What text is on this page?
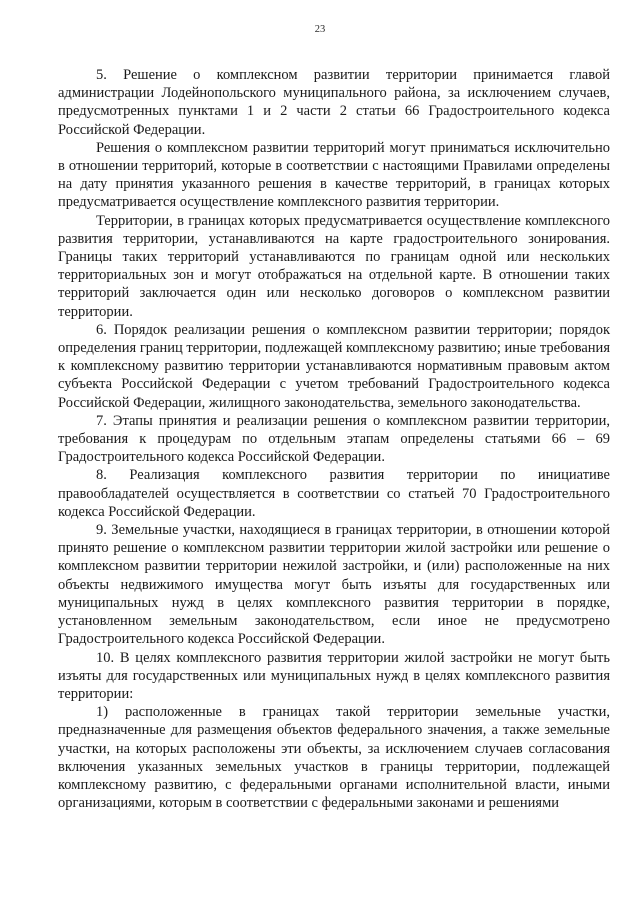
23

5. Решение о комплексном развитии территории принимается главой администрации Лодейнопольского муниципального района, за исключением случаев, предусмотренных пунктами 1 и 2 части 2 статьи 66 Градостроительного кодекса Российской Федерации.

Решения о комплексном развитии территорий могут приниматься исключительно в отношении территорий, которые в соответствии с настоящими Правилами определены на дату принятия указанного решения в качестве территорий, в границах которых предусматривается осуществление комплексного развития территории.

Территории, в границах которых предусматривается осуществление комплексного развития территории, устанавливаются на карте градостроительного зонирования. Границы таких территорий устанавливаются по границам одной или нескольких территориальных зон и могут отображаться на отдельной карте. В отношении таких территорий заключается один или несколько договоров о комплексном развитии территории.

6. Порядок реализации решения о комплексном развитии территории; порядок определения границ территории, подлежащей комплексному развитию; иные требования к комплексному развитию территории устанавливаются нормативным правовым актом субъекта Российской Федерации с учетом требований Градостроительного кодекса Российской Федерации, жилищного законодательства, земельного законодательства.

7. Этапы принятия и реализации решения о комплексном развитии территории, требования к процедурам по отдельным этапам определены статьями 66 – 69 Градостроительного кодекса Российской Федерации.

8. Реализация комплексного развития территории по инициативе правообладателей осуществляется в соответствии со статьей 70 Градостроительного кодекса Российской Федерации.

9. Земельные участки, находящиеся в границах территории, в отношении которой принято решение о комплексном развитии территории жилой застройки или решение о комплексном развитии территории нежилой застройки, и (или) расположенные на них объекты недвижимого имущества могут быть изъяты для государственных или муниципальных нужд в целях комплексного развития территории в порядке, установленном земельным законодательством, если иное не предусмотрено Градостроительного кодекса Российской Федерации.

10. В целях комплексного развития территории жилой застройки не могут быть изъяты для государственных или муниципальных нужд в целях комплексного развития территории:

1) расположенные в границах такой территории земельные участки, предназначенные для размещения объектов федерального значения, а также земельные участки, на которых расположены эти объекты, за исключением случаев согласования включения указанных земельных участков в границы территории, подлежащей комплексному развитию, с федеральными органами исполнительной власти, иными организациями, которым в соответствии с федеральными законами и решениями
